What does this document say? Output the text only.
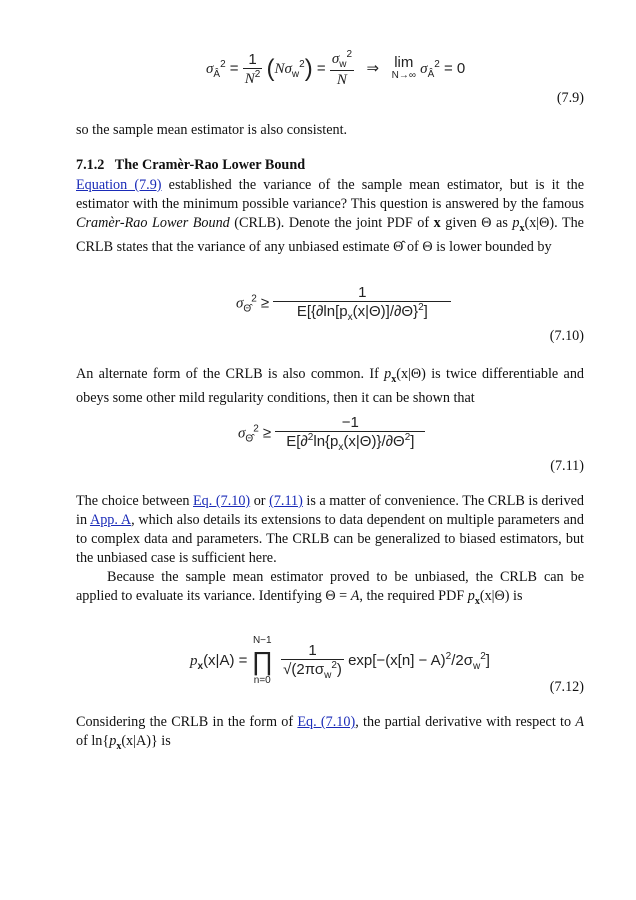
$\sigma_Â^2 = \frac{1}{N^2} (N\sigma_w^2) = \frac{\sigma_w^2}{N}$ ⇒ lim
N→∞ $\sigma_Â^2 = 0$
(7.9)
so the sample mean estimator is also consistent.
7.1.2 The Cramèr-Rao Lower Bound
Equation (7.9) established the variance of the sample mean estimator, but is it the estimator with the minimum possible variance? This question is answered by the famous Cramèr-Rao Lower Bound (CRLB). Denote the joint PDF of x given Θ as $p_x(x|\Theta)$. The CRLB states that the variance of any unbiased estimate Θ̂ of Θ is lower bounded by
$\sigma_{\Thetâ}^2 \ge \frac{1}{E[\{\partial\ln[p_x(x|\Theta)]/\partial\Theta\}^2]}$
(7.10)
An alternate form of the CRLB is also common. If $p_x(x|\Theta)$ is twice differentiable and obeys some other mild regularity conditions, then it can be shown that
$\sigma_{\Thetâ}^2 \ge \frac{-1}{E[\partial^2\ln\{p_x(x|\Theta)\}/\partial\Theta^2]}$
(7.11)
The choice between Eq. (7.10) or (7.11) is a matter of convenience. The CRLB is derived in App. A, which also details its extensions to data dependent on multiple parameters and to complex data and parameters. The CRLB can be generalized to biased estimators, but the unbiased case is sufficient here.
Because the sample mean estimator proved to be unbiased, the CRLB can be applied to evaluate its variance. Identifying Θ = A, the required PDF $p_x(x|\Theta)$ is
$p_x(x|A)$ =
N−1
∏
n=0
$\frac{1}{√(2\pi\sigma_w^2)} \exp[-(x[n] - A)^2/2\sigma_w^2]$
(7.12)
Considering the CRLB in the form of Eq. (7.10), the partial derivative with respect to A of $\ln\{p_x(x|A)\}$ is
